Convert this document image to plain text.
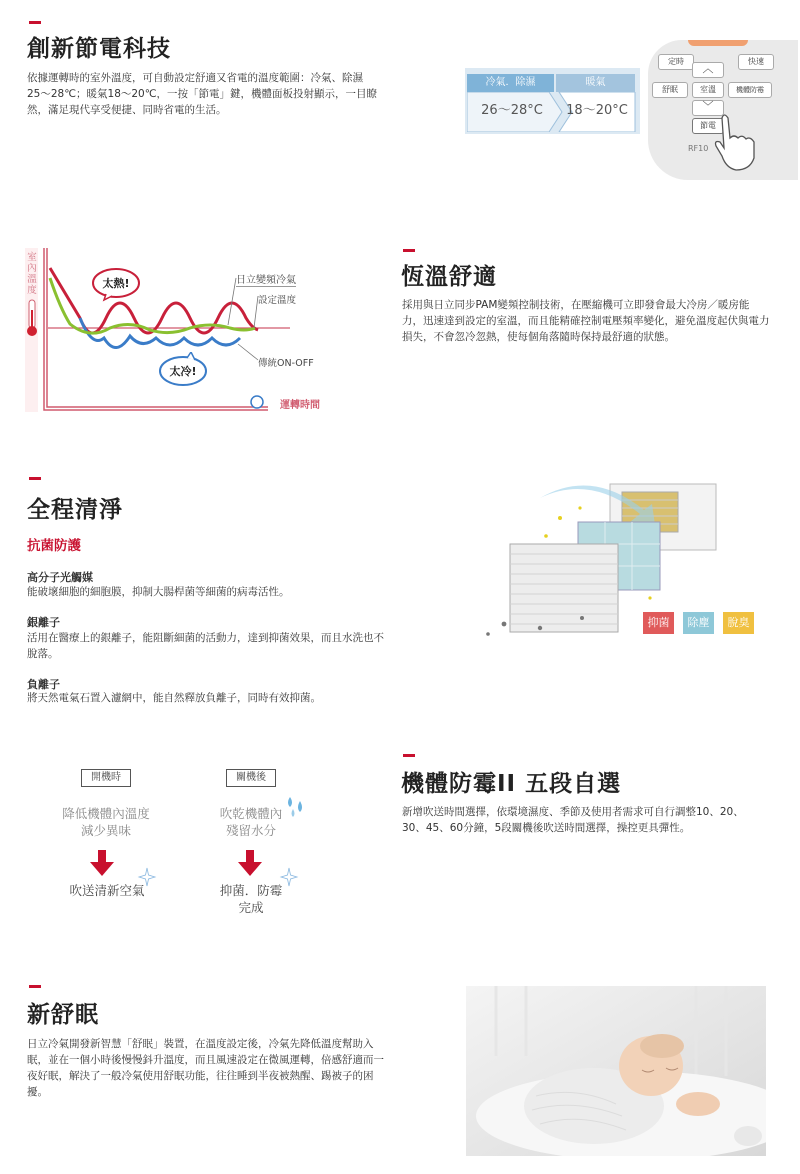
創新節電科技
依據運轉時的室外溫度，可自動設定舒適又省電的溫度範圍：冷氣、除濕25〜28℃；暖氣18〜20℃，一按「節電」鍵，機體面板投射顯示，一目瞭然，滿足現代享受便捷、同時省電的生活。
冷氣．除濕	暖氣
26〜28°C	18〜20°C
定時	快速
舒眠
︿
室溫
﹀
機體防霉
節電
RF10
室內溫度
太熱!
太冷!
日立變頻冷氣
設定溫度
傳統ON-OFF
運轉時間
恆溫舒適
採用與日立同步PAM變頻控制技術，在壓縮機可立即發會最大冷房／暖房能力，迅速達到設定的室溫，而且能精確控制電壓頻率變化，避免溫度起伏與電力損失，不會忽冷忽熱，使每個角落隨時保持最舒適的狀態。
全程清淨
抗菌防護
高分子光觸媒
能破壞細胞的細胞膜，抑制大腸桿菌等細菌的病毒活性。
銀離子
活用在醫療上的銀離子，能阻斷細菌的活動力，達到抑菌效果，而且水洗也不脫落。
負離子
將天然電氣石置入濾網中，能自然釋放負離子，同時有效抑菌。
抑菌	除塵	脫臭
開機時	關機後
降低機體內溫度
減少異味
吹乾機體內
殘留水分
吹送清新空氣	抑菌．防霉
完成
機體防霉II 五段自選
新增吹送時間選擇，依環境濕度、季節及使用者需求可自行調整10、20、30、45、60分鐘，5段關機後吹送時間選擇，操控更具彈性。
新舒眠
日立冷氣開發新智慧「舒眠」裝置，在溫度設定後，冷氣先降低溫度幫助入眠，並在一個小時後慢慢鈄升溫度，而且風速設定在微風運轉，倍感舒適而一夜好眠，解決了一般冷氣使用舒眠功能，往往睡到半夜被熱醒、踢被子的困擾。
